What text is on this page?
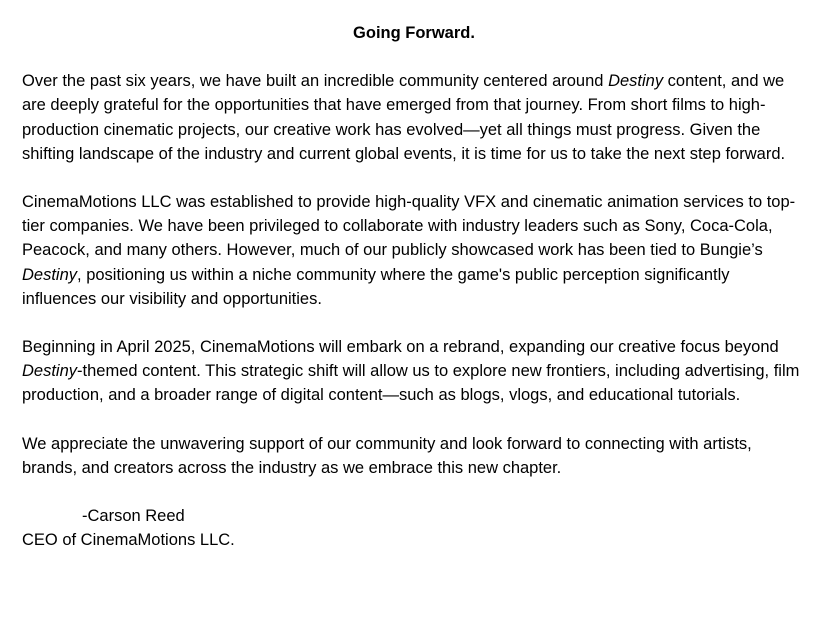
Going Forward.

Over the past six years, we have built an incredible community centered around Destiny content, and we are deeply grateful for the opportunities that have emerged from that journey. From short films to high-production cinematic projects, our creative work has evolved—yet all things must progress. Given the shifting landscape of the industry and current global events, it is time for us to take the next step forward.

CinemaMotions LLC was established to provide high-quality VFX and cinematic animation services to top-tier companies. We have been privileged to collaborate with industry leaders such as Sony, Coca-Cola, Peacock, and many others. However, much of our publicly showcased work has been tied to Bungie’s Destiny, positioning us within a niche community where the game's public perception significantly influences our visibility and opportunities.

Beginning in April 2025, CinemaMotions will embark on a rebrand, expanding our creative focus beyond Destiny-themed content. This strategic shift will allow us to explore new frontiers, including advertising, film production, and a broader range of digital content—such as blogs, vlogs, and educational tutorials.

We appreciate the unwavering support of our community and look forward to connecting with artists, brands, and creators across the industry as we embrace this new chapter.

-Carson Reed

CEO of CinemaMotions LLC.
